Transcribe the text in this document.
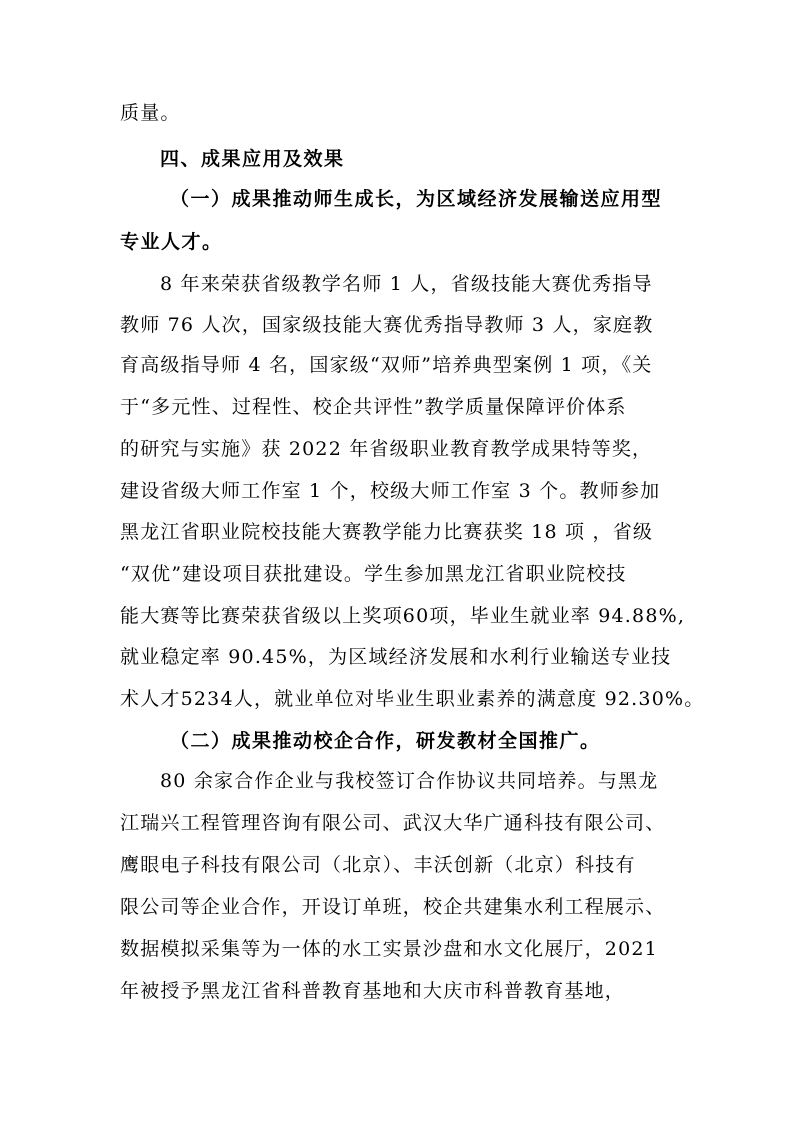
质量。
四、成果应用及效果
（一）成果推动师生成长，为区域经济发展输送应用型
专业人才。
8 年来荣获省级教学名师 1 人，省级技能大赛优秀指导
教师 76 人次，国家级技能大赛优秀指导教师 3 人，家庭教
育高级指导师 4 名，国家级“双师”培养典型案例 1 项，《关
于“多元性、过程性、校企共评性”教学质量保障评价体系
的研究与实施》获 2022 年省级职业教育教学成果特等奖，
建设省级大师工作室 1 个，校级大师工作室 3 个。教师参加
黑龙江省职业院校技能大赛教学能力比赛获奖 18 项 ，省级
“双优”建设项目获批建设。学生参加黑龙江省职业院校技
能大赛等比赛荣获省级以上奖项60项，毕业生就业率 94.88%,
就业稳定率 90.45%，为区域经济发展和水利行业输送专业技
术人才5234人，就业单位对毕业生职业素养的满意度 92.30%。
（二）成果推动校企合作，研发教材全国推广。
80 余家合作企业与我校签订合作协议共同培养。与黑龙
江瑞兴工程管理咨询有限公司、武汉大华广通科技有限公司、
鹰眼电子科技有限公司（北京）、丰沃创新（北京）科技有
限公司等企业合作，开设订单班，校企共建集水利工程展示、
数据模拟采集等为一体的水工实景沙盘和水文化展厅，2021
年被授予黑龙江省科普教育基地和大庆市科普教育基地，
